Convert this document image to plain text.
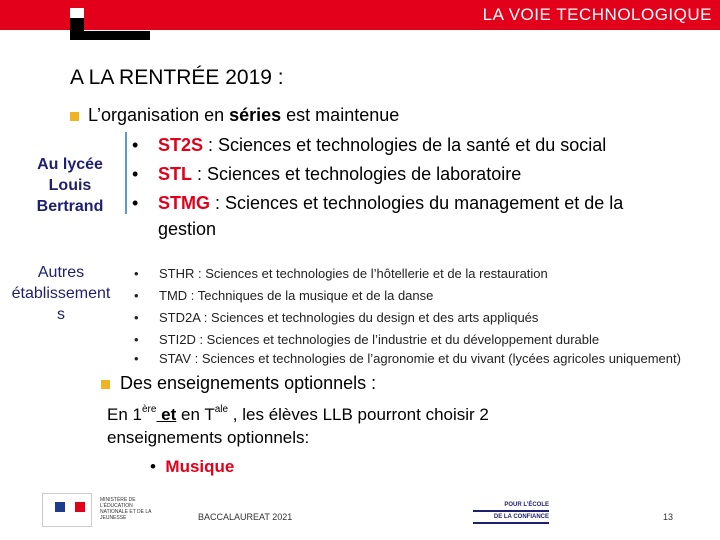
LA VOIE TECHNOLOGIQUE
A LA RENTRÉE 2019 :
L’organisation en séries est maintenue
Au lycée
Louis
Bertrand
•	ST2S : Sciences et technologies de la santé et du social
•	STL : Sciences et technologies de laboratoire
•	STMG : Sciences et technologies du management et de la gestion
Autres
établissement
s
•	STHR : Sciences et technologies de l’hôtellerie et de la restauration
•	TMD : Techniques de la musique et de la danse
•	STD2A : Sciences et technologies du design et des arts appliqués
•	STI2D : Sciences et technologies de l’industrie et du développement durable
•	STAV : Sciences et technologies de l’agronomie et du vivant (lycées agricoles uniquement)
Des enseignements optionnels :
En 1ère et en $T^{ale}$ , les élèves LLB pourront choisir 2
enseignements optionnels:
•  Musique
MINISTÈRE DE L’ÉDUCATION NATIONALE ET DE LA JEUNESSE	BACCALAUREAT 2021
POUR L’ÉCOLE
DE LA CONFIANCE	13
